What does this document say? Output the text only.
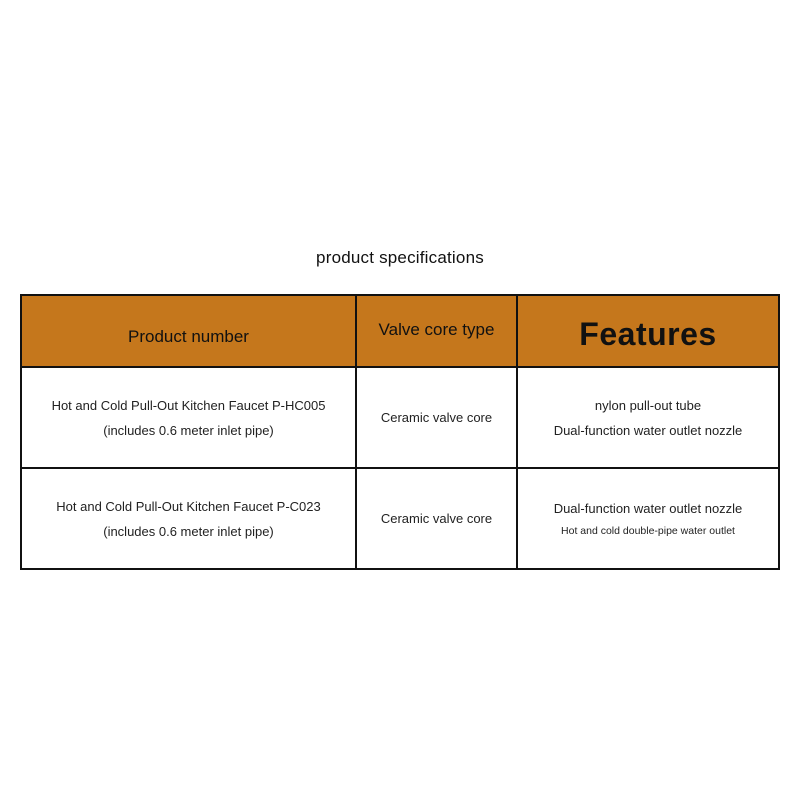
product specifications
Product number	Valve core type	Features

Hot and Cold Pull-Out Kitchen Faucet P-HC005
(includes 0.6 meter inlet pipe)	Ceramic valve core	nylon pull-out tube
Dual-function water outlet nozzle

Hot and Cold Pull-Out Kitchen Faucet P-C023
(includes 0.6 meter inlet pipe)	Ceramic valve core	Dual-function water outlet nozzle
Hot and cold double-pipe water outlet
